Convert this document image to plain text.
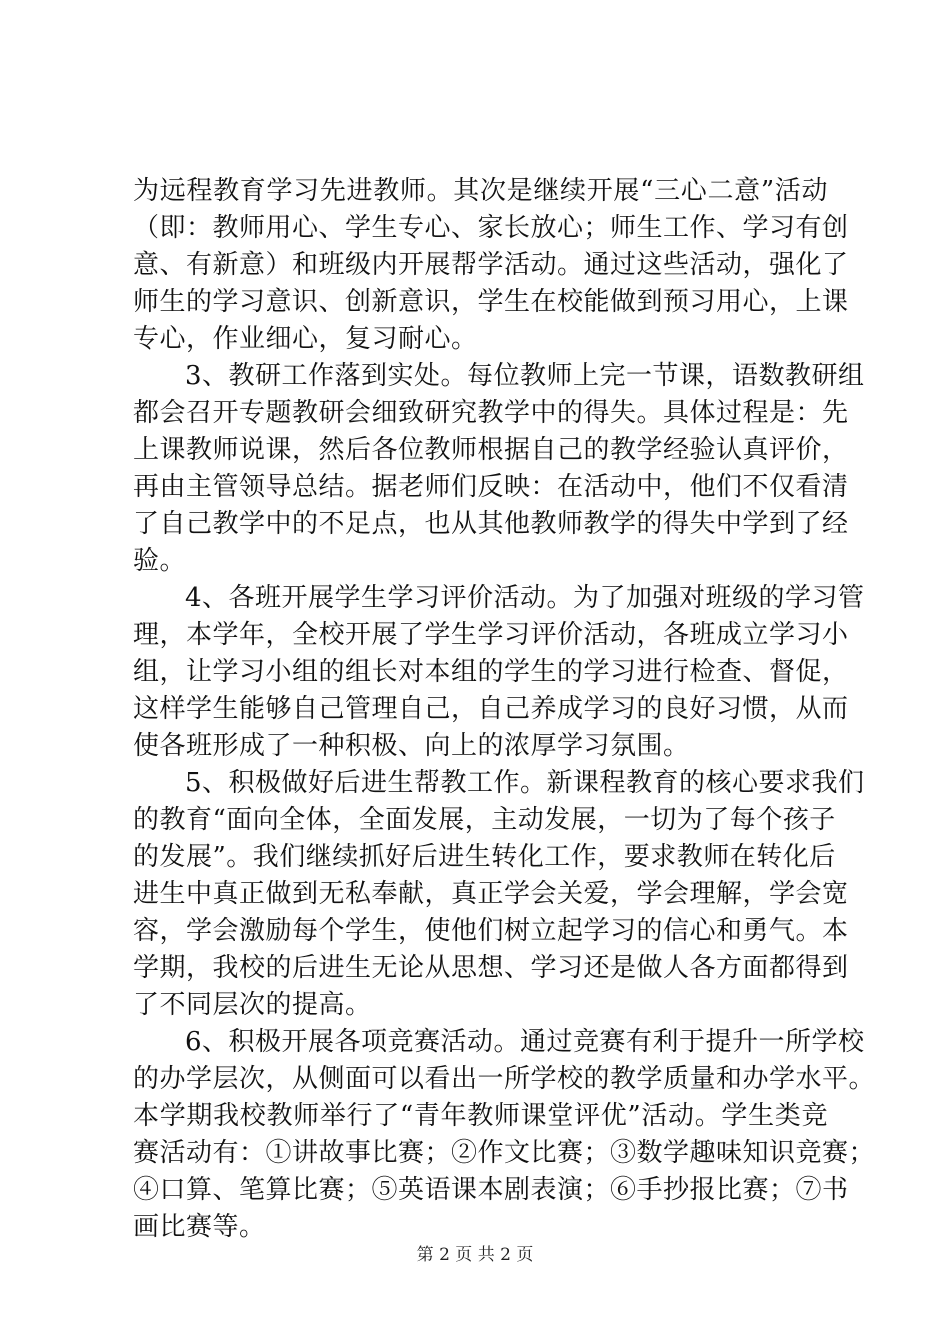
为远程教育学习先进教师。其次是继续开展“三心二意”活动
（即：教师用心、学生专心、家长放心；师生工作、学习有创
意、有新意）和班级内开展帮学活动。通过这些活动，强化了
师生的学习意识、创新意识，学生在校能做到预习用心，上课
专心，作业细心，复习耐心。
3、教研工作落到实处。每位教师上完一节课，语数教研组
都会召开专题教研会细致研究教学中的得失。具体过程是：先
上课教师说课，然后各位教师根据自己的教学经验认真评价，
再由主管领导总结。据老师们反映：在活动中，他们不仅看清
了自己教学中的不足点，也从其他教师教学的得失中学到了经
验。
4、各班开展学生学习评价活动。为了加强对班级的学习管
理，本学年，全校开展了学生学习评价活动，各班成立学习小
组，让学习小组的组长对本组的学生的学习进行检查、督促，
这样学生能够自己管理自己，自己养成学习的良好习惯，从而
使各班形成了一种积极、向上的浓厚学习氛围。
5、积极做好后进生帮教工作。新课程教育的核心要求我们
的教育“面向全体，全面发展，主动发展，一切为了每个孩子
的发展”。我们继续抓好后进生转化工作，要求教师在转化后
进生中真正做到无私奉献，真正学会关爱，学会理解，学会宽
容，学会激励每个学生，使他们树立起学习的信心和勇气。本
学期，我校的后进生无论从思想、学习还是做人各方面都得到
了不同层次的提高。
6、积极开展各项竞赛活动。通过竞赛有利于提升一所学校
的办学层次，从侧面可以看出一所学校的教学质量和办学水平。
本学期我校教师举行了“青年教师课堂评优”活动。学生类竞
赛活动有：①讲故事比赛；②作文比赛；③数学趣味知识竞赛；
④口算、笔算比赛；⑤英语课本剧表演；⑥手抄报比赛；⑦书
画比赛等。
第 2 页 共 2 页
